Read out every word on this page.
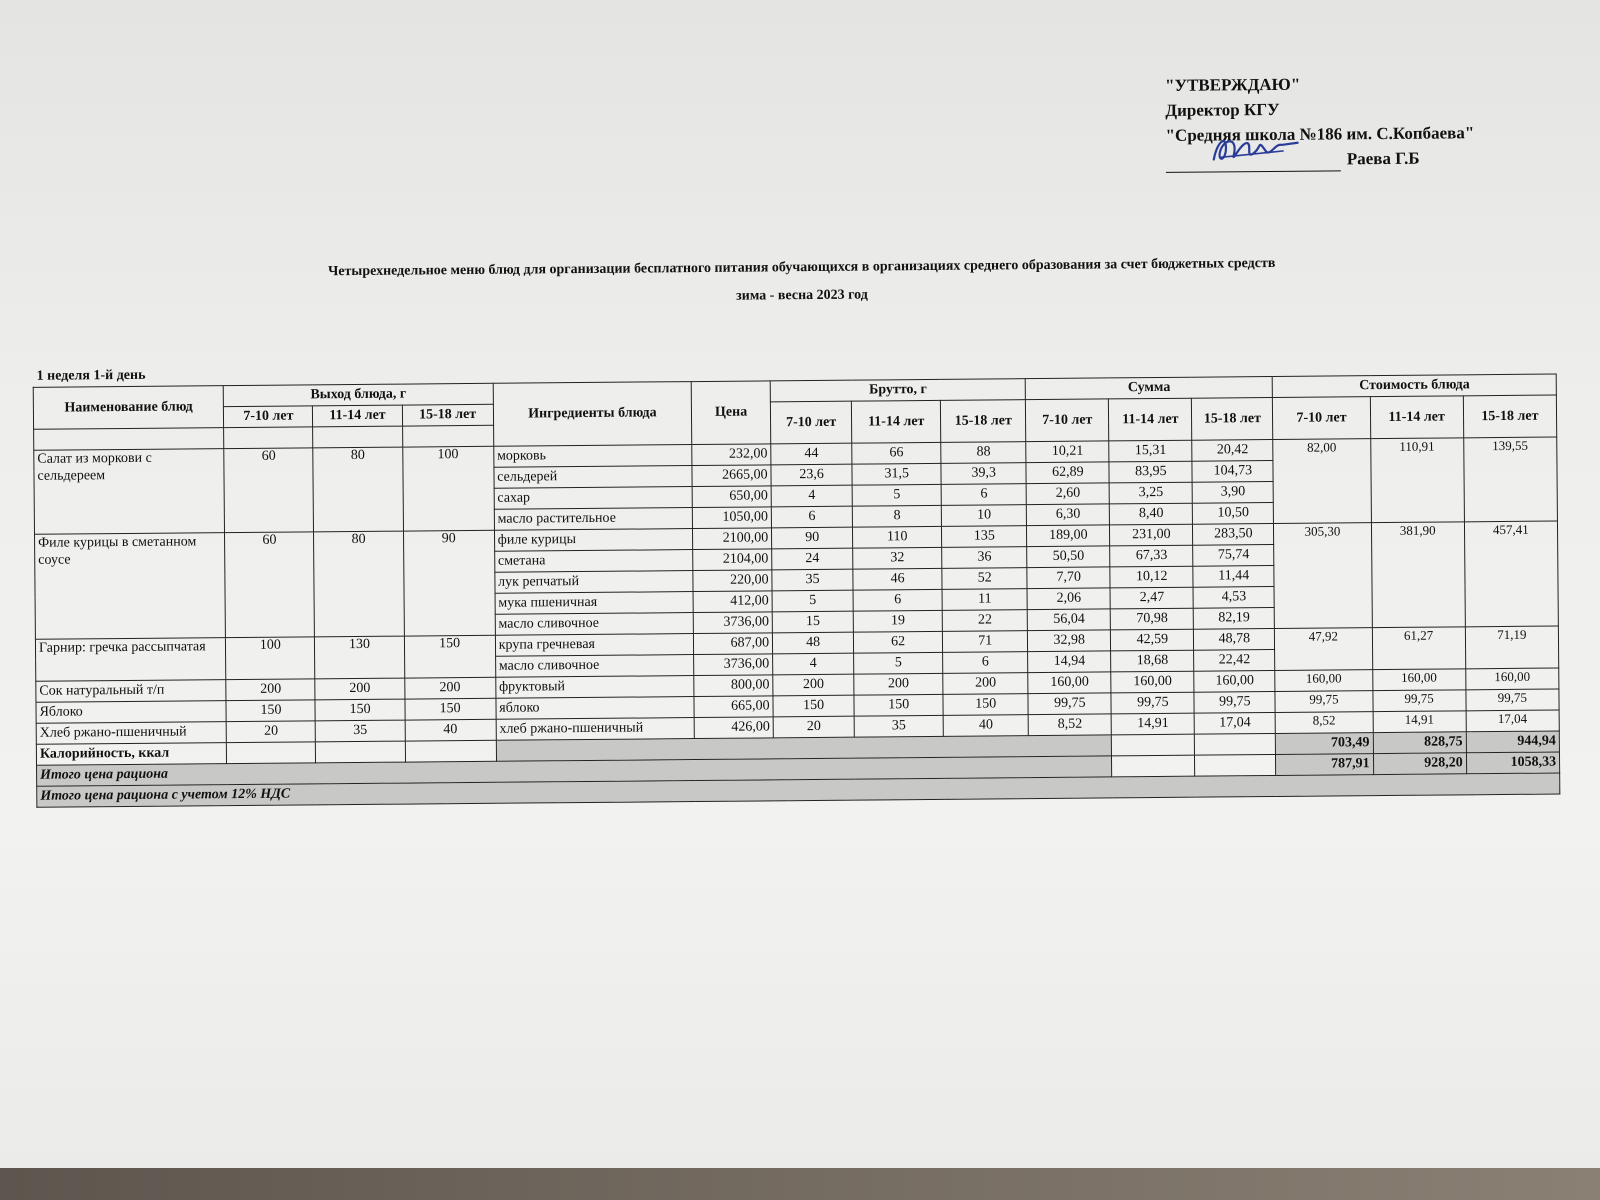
"УТВЕРЖДАЮ"
Директор КГУ
"Средняя школа №186 им. С.Копбаева"
Раева Г.Б
Четырехнедельное меню блюд для организации бесплатного питания обучающихся в организациях среднего образования за счет бюджетных средств
зима - весна 2023 год
1 неделя 1-й день
Наименование блюд	Выход блюда, г			Ингредиенты блюда	Цена	Брутто, г			Сумма			Стоимость блюда		
	7-10 лет	11-14 лет	15-18 лет			7-10 лет	11-14 лет	15-18 лет	7-10 лет	11-14 лет	15-18 лет	7-10 лет	11-14 лет	15-18 лет

Салат из моркови с сельдереем	60	80	100	морковь	232,00	44	66	88	10,21	15,31	20,42	82,00	110,91	139,55
				сельдерей	2665,00	23,6	31,5	39,3	62,89	83,95	104,73			
				сахар	650,00	4	5	6	2,60	3,25	3,90			
				масло растительное	1050,00	6	8	10	6,30	8,40	10,50			
Филе курицы в сметанном соусе	60	80	90	филе курицы	2100,00	90	110	135	189,00	231,00	283,50	305,30	381,90	457,41
				сметана	2104,00	24	32	36	50,50	67,33	75,74			
				лук репчатый	220,00	35	46	52	7,70	10,12	11,44			
				мука пшеничная	412,00	5	6	11	2,06	2,47	4,53			
				масло сливочное	3736,00	15	19	22	56,04	70,98	82,19			
Гарнир: гречка рассыпчатая	100	130	150	крупа гречневая	687,00	48	62	71	32,98	42,59	48,78	47,92	61,27	71,19
				масло сливочное	3736,00	4	5	6	14,94	18,68	22,42			
Сок натуральный т/п	200	200	200	фруктовый	800,00	200	200	200	160,00	160,00	160,00	160,00	160,00	160,00
Яблоко	150	150	150	яблоко	665,00	150	150	150	99,75	99,75	99,75	99,75	99,75	99,75
Хлеб ржано-пшеничный	20	35	40	хлеб ржано-пшеничный	426,00	20	35	40	8,52	14,91	17,04	8,52	14,91	17,04
Калорийность, ккал												703,49	828,75	944,94
Итого цена рациона												787,91	928,20	1058,33
Итого цена рациона с учетом 12% НДС														
